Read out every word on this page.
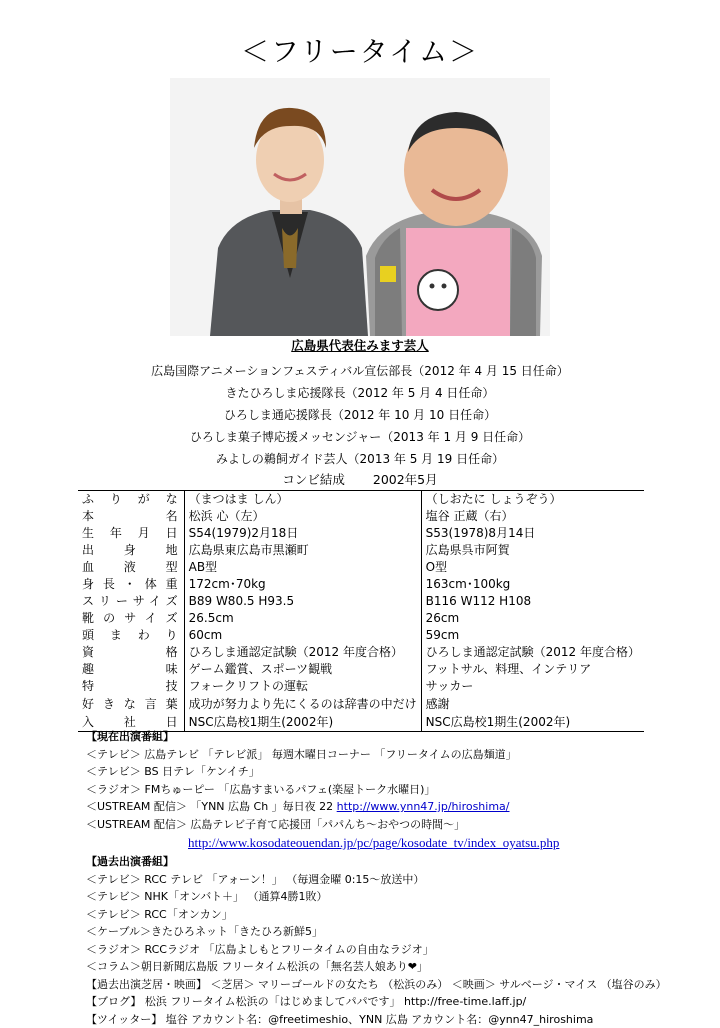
＜フリータイム＞
広島県代表住みます芸人
広島国際アニメーションフェスティバル宣伝部長（2012 年 4 月 15 日任命）
きたひろしま応援隊長（2012 年 5 月 4 日任命）
ひろしま通応援隊長（2012 年 10 月 10 日任命）
ひろしま菓子博応援メッセンジャー（2013 年 1 月 9 日任命）
みよしの鵜飼ガイド芸人（2013 年 5 月 19 日任命）
コンビ結成 2002年5月
ふりがな	（まつはま しん）	（しおたに しょうぞう）
本名	松浜 心（左）	塩谷 正蔵（右）
生年月日	S54(1979)2月18日	S53(1978)8月14日
出身地	広島県東広島市黒瀬町	広島県呉市阿賀
血液型	AB型	O型
身長・体重	172cm･70kg	163cm･100kg
スリーサイズ	B89 W80.5 H93.5	B116 W112 H108
靴のサイズ	26.5cm	26cm
頭まわり	60cm	59cm
資格	ひろしま通認定試験（2012 年度合格）	ひろしま通認定試験（2012 年度合格）
趣味	ゲーム鑑賞、スポーツ観戦	フットサル、料理、インテリア
特技	フォークリフトの運転	サッカー
好きな言葉	成功が努力より先にくるのは辞書の中だけ	感謝
入社日	NSC広島校1期生(2002年)	NSC広島校1期生(2002年)
【現在出演番組】
＜テレビ＞ 広島テレビ 「テレビ派」 毎週木曜日コーナー 「フリータイムの広島麺道」
＜テレビ＞ BS 日テレ「ケンイチ」
＜ラジオ＞ FMちゅーピー 「広島すまいるパフェ(楽屋トーク水曜日)」
＜USTREAM 配信＞ 「YNN 広島 Ch 」毎日夜 22 http://www.ynn47.jp/hiroshima/
＜USTREAM 配信＞ 広島テレビ子育て応援団「パパんち～おやつの時間～」
http://www.kosodateouendan.jp/pc/page/kosodate_tv/index_oyatsu.php
【過去出演番組】
＜テレビ＞ RCC テレビ 「アォーン！」 （毎週金曜 0:15～放送中）
＜テレビ＞ NHK「オンバト＋」 （通算4勝1敗）
＜テレビ＞ RCC「オンカン」
＜ケーブル＞きたひろネット「きたひろ新鮮5」
＜ラジオ＞ RCCラジオ 「広島よしもとフリータイムの自由なラジオ」
＜コラム＞朝日新聞広島版 フリータイム松浜の「無名芸人娘あり❤」
【過去出演芝居・映画】 ＜芝居＞ マリーゴールドの女たち （松浜のみ） ＜映画＞ サルベージ・マイス （塩谷のみ）
【ブログ】 松浜 フリータイム松浜の「はじめましてパパです」 http://free-time.laff.jp/
【ツイッター】 塩谷 アカウント名：@freetimeshio、YNN 広島 アカウント名：@ynn47_hiroshima
